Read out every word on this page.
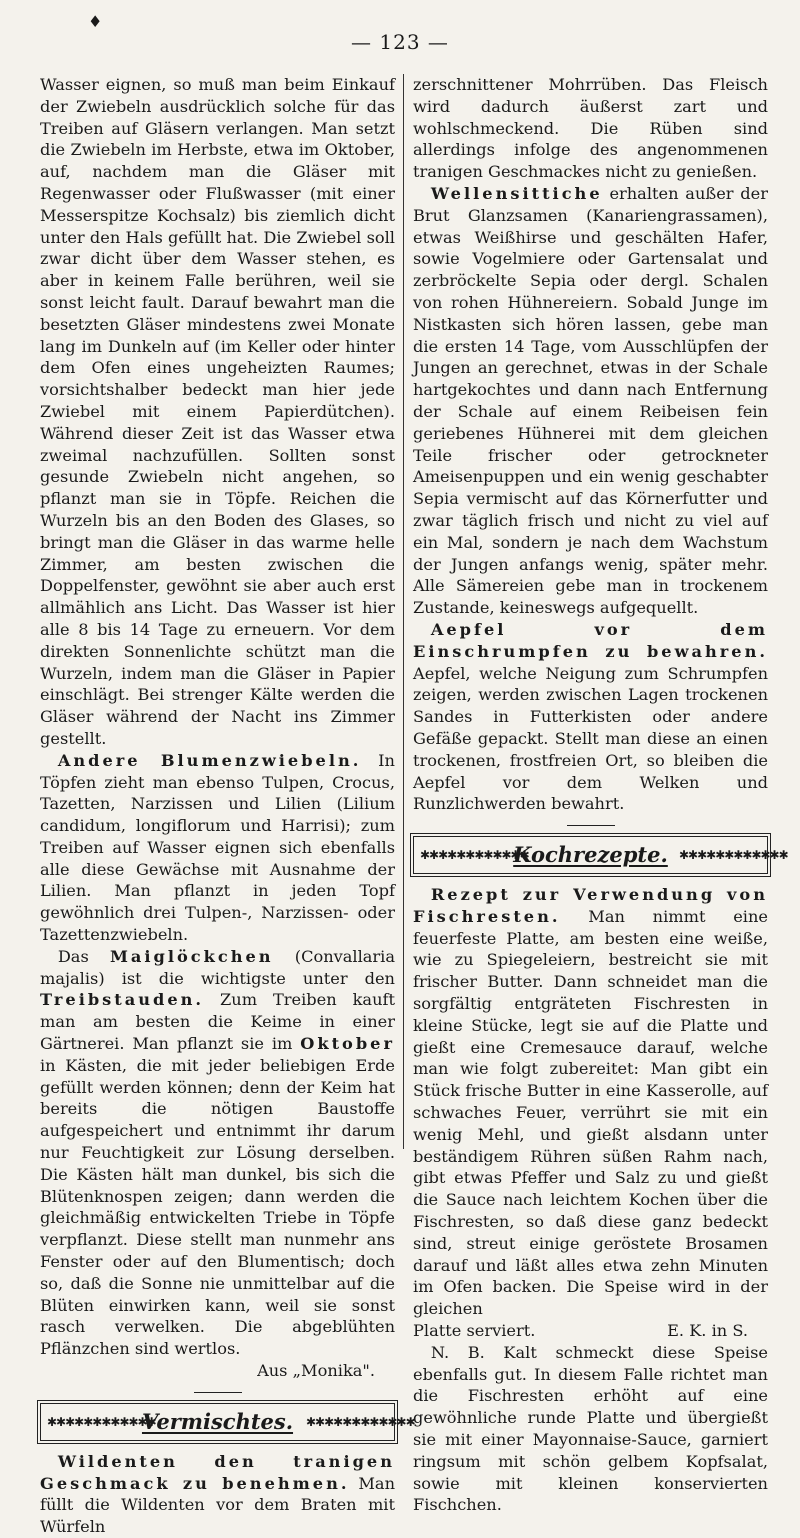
♦
— 123 —

Wasser eignen, so muß man beim Einkauf der Zwiebeln ausdrücklich solche für das Treiben auf Gläsern verlangen. Man setzt die Zwiebeln im Herbste, etwa im Oktober, auf, nachdem man die Gläser mit Regenwasser oder Flußwasser (mit einer Messerspitze Kochsalz) bis ziemlich dicht unter den Hals gefüllt hat. Die Zwiebel soll zwar dicht über dem Wasser stehen, es aber in keinem Falle berühren, weil sie sonst leicht fault. Darauf bewahrt man die besetzten Gläser mindestens zwei Monate lang im Dunkeln auf (im Keller oder hinter dem Ofen eines ungeheizten Raumes; vorsichtshalber bedeckt man hier jede Zwiebel mit einem Papierdütchen). Während dieser Zeit ist das Wasser etwa zweimal nachzufüllen. Sollten sonst gesunde Zwiebeln nicht angehen, so pflanzt man sie in Töpfe. Reichen die Wurzeln bis an den Boden des Glases, so bringt man die Gläser in das warme helle Zimmer, am besten zwischen die Doppelfenster, gewöhnt sie aber auch erst allmählich ans Licht. Das Wasser ist hier alle 8 bis 14 Tage zu erneuern. Vor dem direkten Sonnenlichte schützt man die Wurzeln, indem man die Gläser in Papier einschlägt. Bei strenger Kälte werden die Gläser während der Nacht ins Zimmer gestellt.

Andere Blumenzwiebeln. In Töpfen zieht man ebenso Tulpen, Crocus, Tazetten, Narzissen und Lilien (Lilium candidum, longiflorum und Harrisi); zum Treiben auf Wasser eignen sich ebenfalls alle diese Gewächse mit Ausnahme der Lilien. Man pflanzt in jeden Topf gewöhnlich drei Tulpen-, Narzissen- oder Tazettenzwiebeln.

Das Maiglöckchen (Convallaria majalis) ist die wichtigste unter den Treibstauden. Zum Treiben kauft man am besten die Keime in einer Gärtnerei. Man pflanzt sie im Oktober in Kästen, die mit jeder beliebigen Erde gefüllt werden können; denn der Keim hat bereits die nötigen Baustoffe aufgespeichert und entnimmt ihr darum nur Feuchtigkeit zur Lösung derselben. Die Kästen hält man dunkel, bis sich die Blütenknospen zeigen; dann werden die gleichmäßig entwickelten Triebe in Töpfe verpflanzt. Diese stellt man nunmehr ans Fenster oder auf den Blumentisch; doch so, daß die Sonne nie unmittelbar auf die Blüten einwirken kann, weil sie sonst rasch verwelken. Die abgeblühten Pflänzchen sind wertlos.

Aus „Monika".
✱✱✱✱✱✱✱✱✱✱✱✱
Vermischtes. ✱✱✱✱✱✱✱✱✱✱✱✱

Wildenten den tranigen Geschmack zu benehmen. Man füllt die Wildenten vor dem Braten mit Würfeln

zerschnittener Mohrrüben. Das Fleisch wird dadurch äußerst zart und wohlschmeckend. Die Rüben sind allerdings infolge des angenommenen tranigen Geschmackes nicht zu genießen.

Wellensittiche erhalten außer der Brut Glanzsamen (Kanariengrassamen), etwas Weißhirse und geschälten Hafer, sowie Vogelmiere oder Gartensalat und zerbröckelte Sepia oder dergl. Schalen von rohen Hühnereiern. Sobald Junge im Nistkasten sich hören lassen, gebe man die ersten 14 Tage, vom Ausschlüpfen der Jungen an gerechnet, etwas in der Schale hartgekochtes und dann nach Entfernung der Schale auf einem Reibeisen fein geriebenes Hühnerei mit dem gleichen Teile frischer oder getrockneter Ameisenpuppen und ein wenig geschabter Sepia vermischt auf das Körnerfutter und zwar täglich frisch und nicht zu viel auf ein Mal, sondern je nach dem Wachstum der Jungen anfangs wenig, später mehr. Alle Sämereien gebe man in trockenem Zustande, keineswegs aufgequellt.

Aepfel vor dem Einschrumpfen zu bewahren. Aepfel, welche Neigung zum Schrumpfen zeigen, werden zwischen Lagen trockenen Sandes in Futterkisten oder andere Gefäße gepackt. Stellt man diese an einen trockenen, frostfreien Ort, so bleiben die Aepfel vor dem Welken und Runzlichwerden bewahrt.

✱✱✱✱✱✱✱✱✱✱✱✱
Kochrezepte. ✱✱✱✱✱✱✱✱✱✱✱✱

Rezept zur Verwendung von Fischresten. Man nimmt eine feuerfeste Platte, am besten eine weiße, wie zu Spiegeleiern, bestreicht sie mit frischer Butter. Dann schneidet man die sorgfältig entgräteten Fischresten in kleine Stücke, legt sie auf die Platte und gießt eine Cremesauce darauf, welche man wie folgt zubereitet: Man gibt ein Stück frische Butter in eine Kasserolle, auf schwaches Feuer, verrührt sie mit ein wenig Mehl, und gießt alsdann unter beständigem Rühren süßen Rahm nach, gibt etwas Pfeffer und Salz zu und gießt die Sauce nach leichtem Kochen über die Fischresten, so daß diese ganz bedeckt sind, streut einige geröstete Brosamen darauf und läßt alles etwa zehn Minuten im Ofen backen. Die Speise wird in der gleichen

Platte serviert.	E. K. in S.

N. B. Kalt schmeckt diese Speise ebenfalls gut. In diesem Falle richtet man die Fischresten erhöht auf eine gewöhnliche runde Platte und übergießt sie mit einer Mayonnaise-Sauce, garniert ringsum mit schön gelbem Kopfsalat, sowie mit kleinen konservierten Fischchen.
